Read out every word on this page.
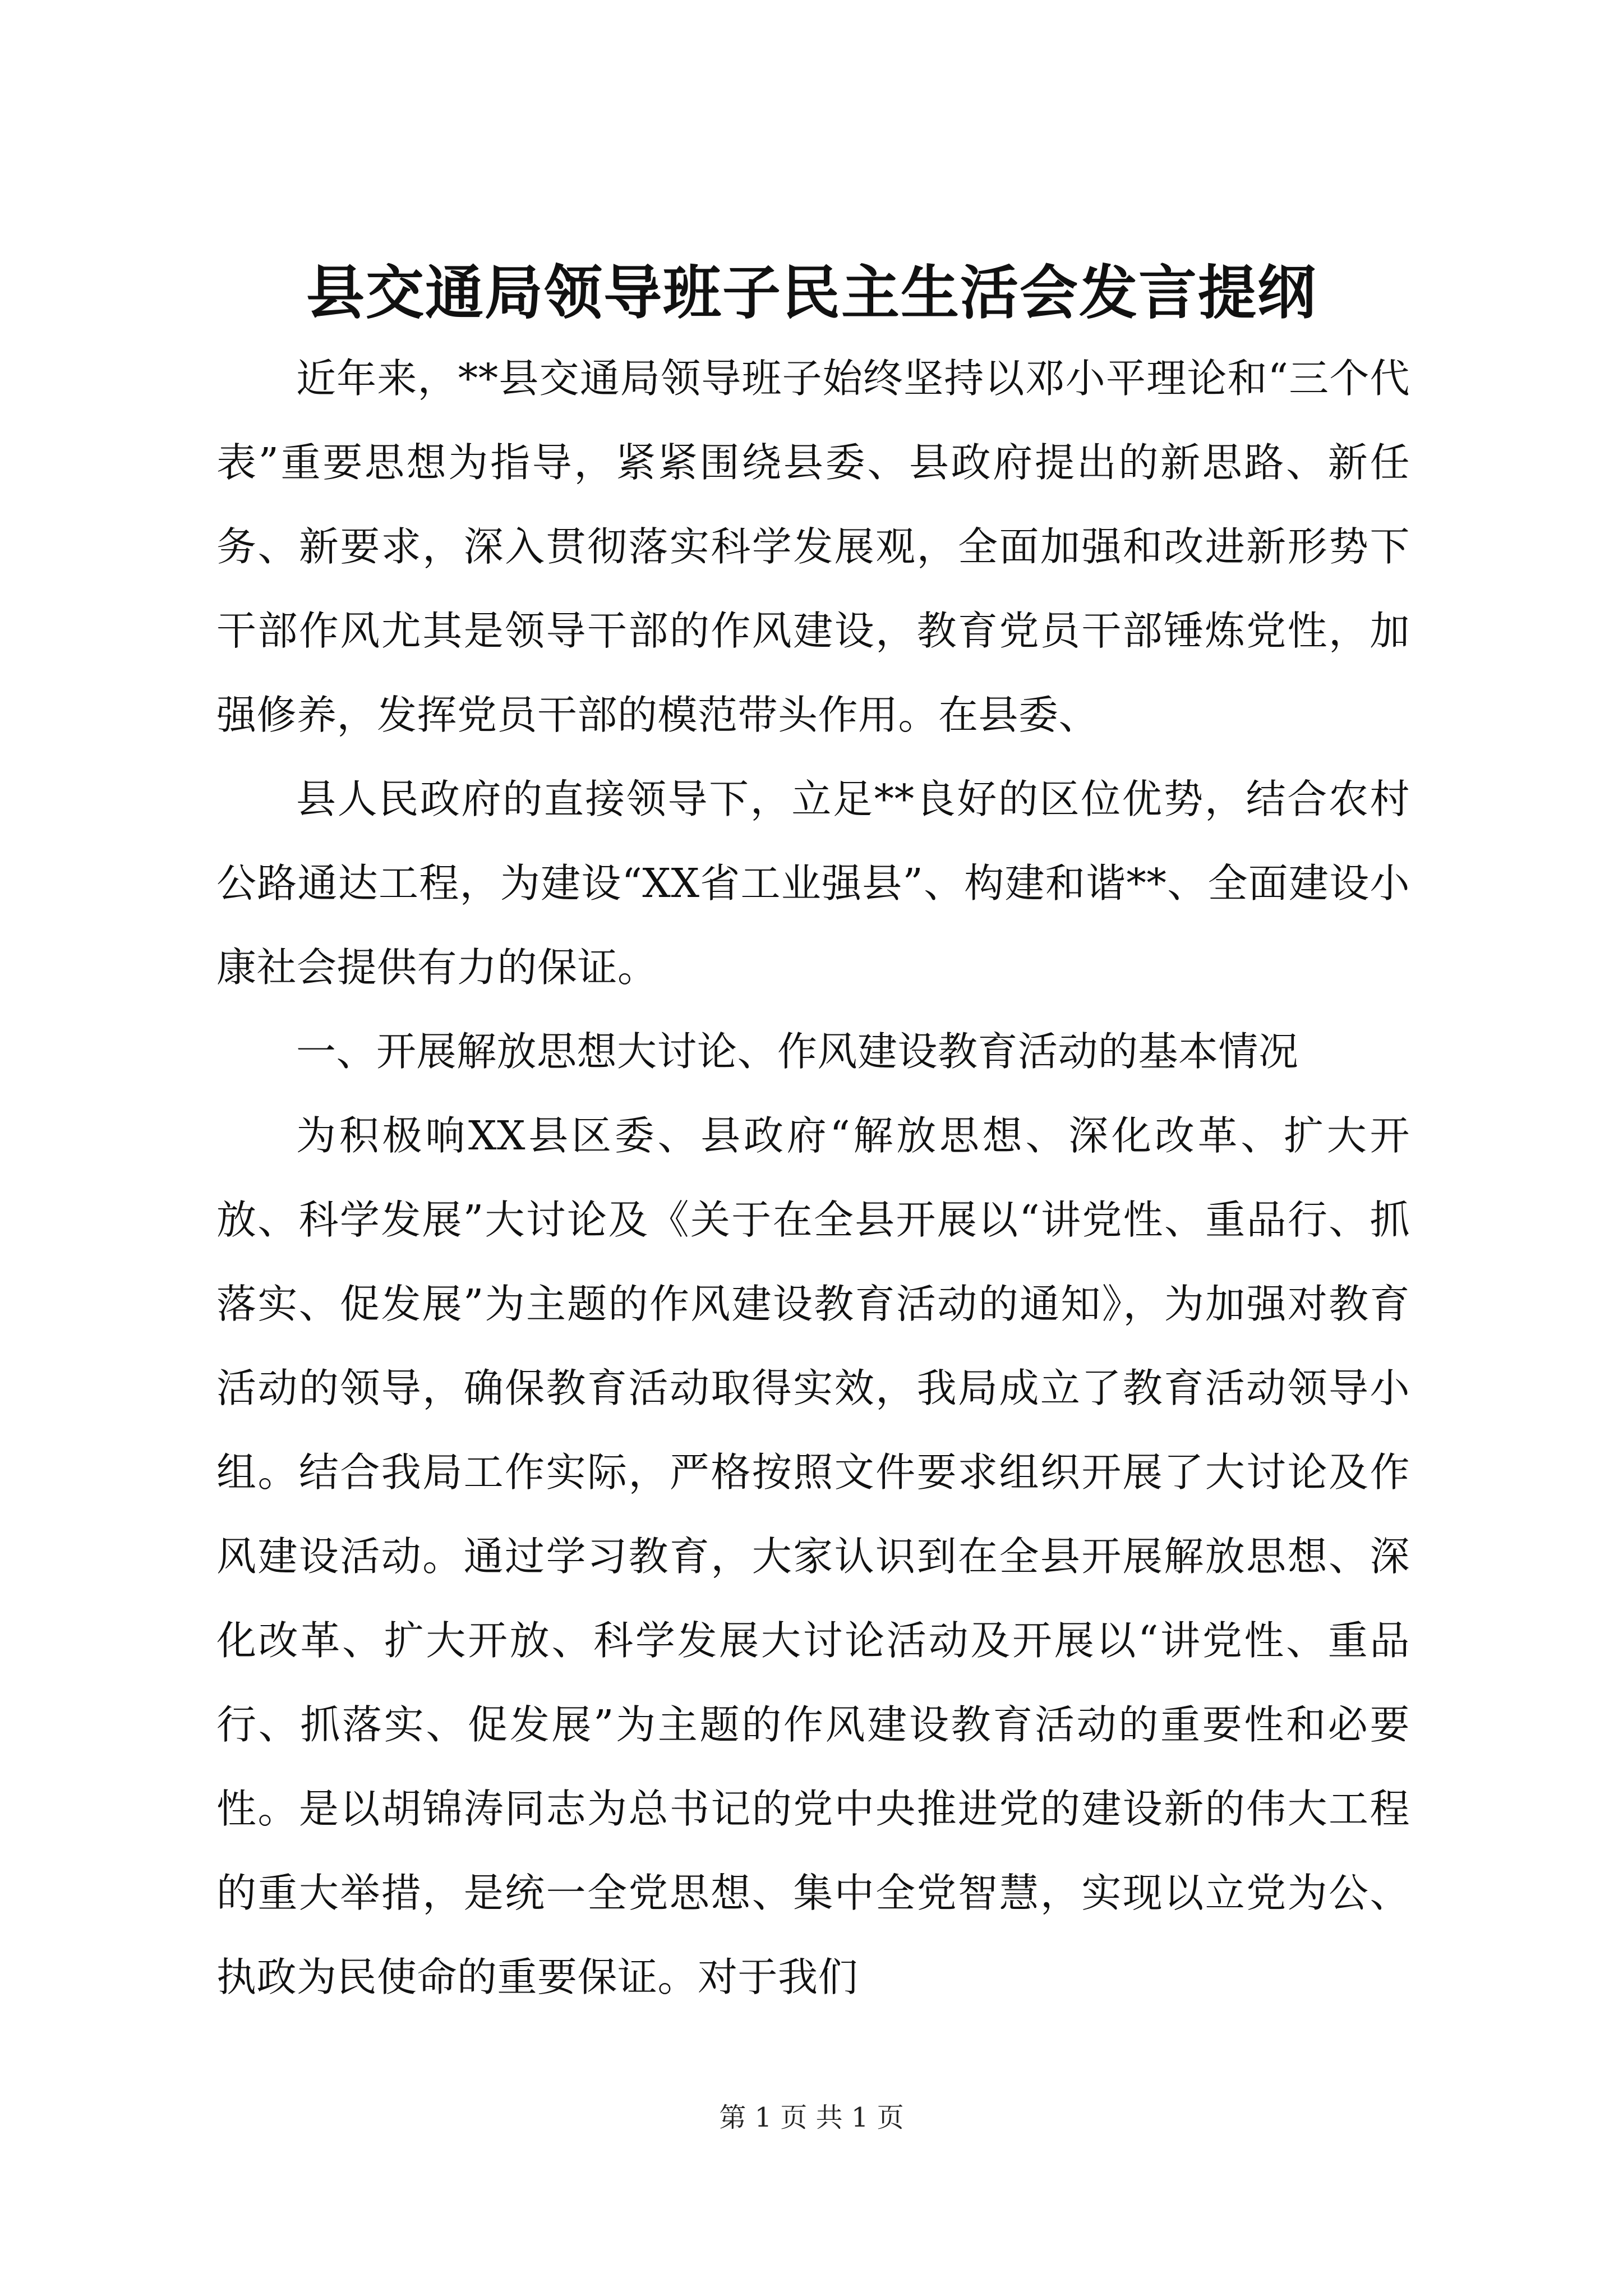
县交通局领导班子民主生活会发言提纲

近年来，**县交通局领导班子始终坚持以邓小平理论和“三个代表”重要思想为指导，紧紧围绕县委、县政府提出的新思路、新任务、新要求，深入贯彻落实科学发展观，全面加强和改进新形势下干部作风尤其是领导干部的作风建设，教育党员干部锤炼党性，加强修养，发挥党员干部的模范带头作用。在县委、

县人民政府的直接领导下，立足**良好的区位优势，结合农村公路通达工程，为建设“XX省工业强县”、构建和谐**、全面建设小康社会提供有力的保证。

一、开展解放思想大讨论、作风建设教育活动的基本情况

为积极响XX县区委、县政府“解放思想、深化改革、扩大开放、科学发展”大讨论及《关于在全县开展以“讲党性、重品行、抓落实、促发展”为主题的作风建设教育活动的通知》，为加强对教育活动的领导，确保教育活动取得实效，我局成立了教育活动领导小组。结合我局工作实际，严格按照文件要求组织开展了大讨论及作风建设活动。通过学习教育，大家认识到在全县开展解放思想、深化改革、扩大开放、科学发展大讨论活动及开展以“讲党性、重品行、抓落实、促发展”为主题的作风建设教育活动的重要性和必要性。是以胡锦涛同志为总书记的党中央推进党的建设新的伟大工程的重大举措，是统一全党思想、集中全党智慧，实现以立党为公、执政为民使命的重要保证。对于我们

第 1 页 共 1 页
